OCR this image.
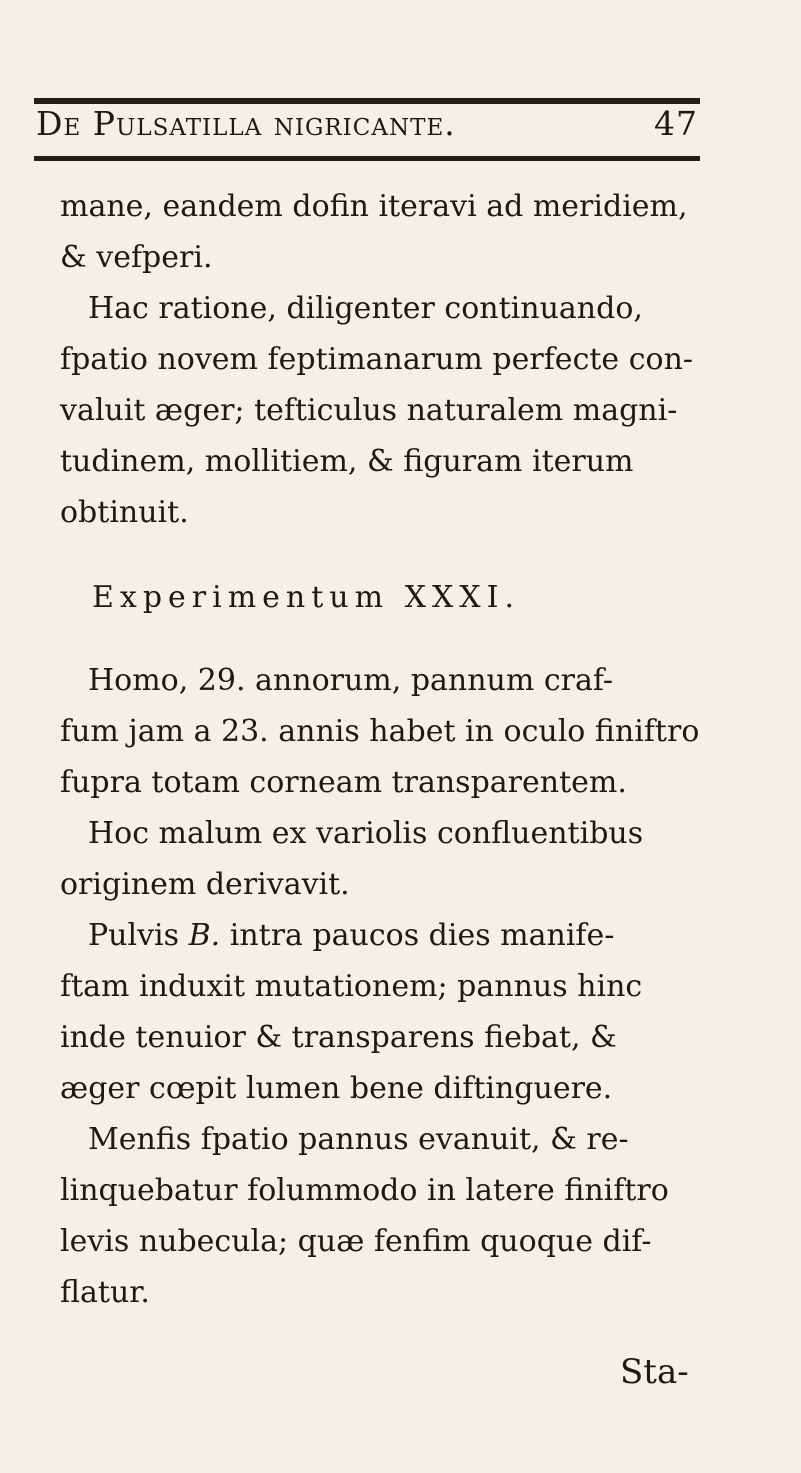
De Pulsatilla nigricante.	47
mane, eandem dofin iteravi ad meridiem,
& vefperi.
Hac ratione, diligenter continuando,
fpatio novem feptimanarum perfecte con-
valuit æger; tefticulus naturalem magni-
tudinem, mollitiem, & figuram iterum
obtinuit.
Experimentum XXXI.
Homo, 29. annorum, pannum craf-
fum jam a 23. annis habet in oculo finiftro
fupra totam corneam transparentem.
Hoc malum ex variolis confluentibus
originem derivavit.
Pulvis B. intra paucos dies manife-
ftam induxit mutationem; pannus hinc
inde tenuior & transparens fiebat, &
æger cœpit lumen bene diftinguere.
Menfis fpatio pannus evanuit, & re-
linquebatur folummodo in latere finiftro
levis nubecula; quæ fenfim quoque dif-
flatur.
Sta-
